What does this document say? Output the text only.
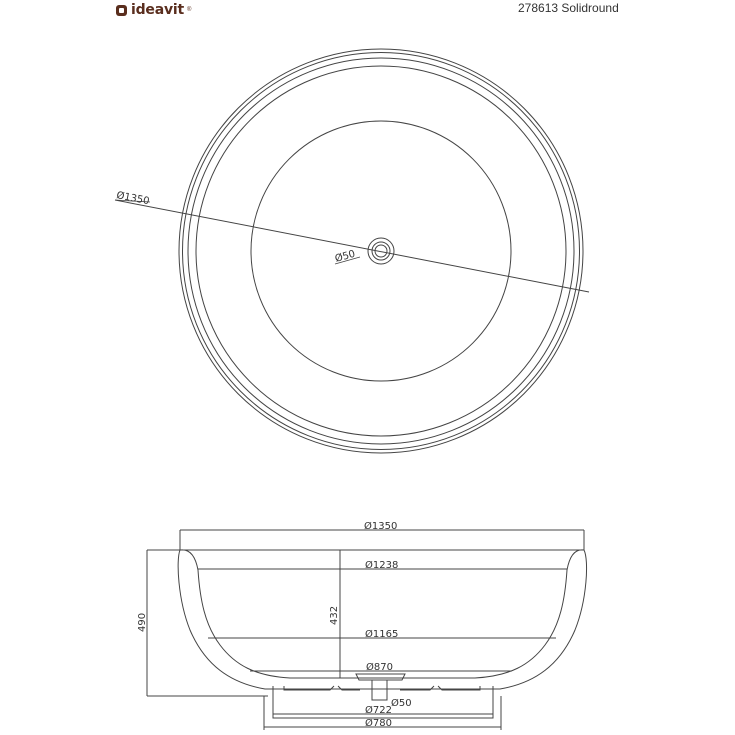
ideavit ®	278613 Solidround
Ø1350
Ø50
Ø1350
Ø1238
432
490
Ø1165
Ø870
Ø50
Ø722
Ø780
